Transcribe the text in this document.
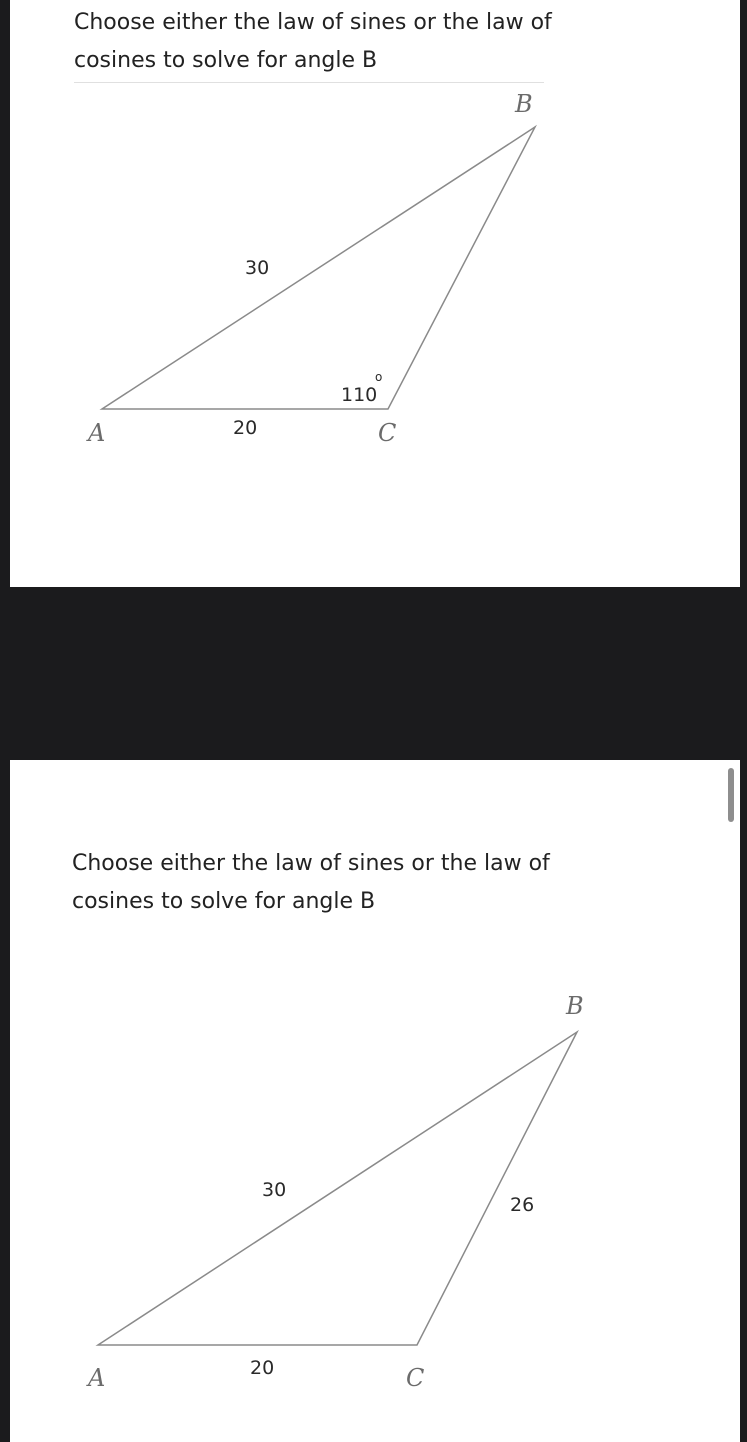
Choose either the law of sines or the law of
cosines to solve for angle B
B
A	C
30
20
110
o
Choose either the law of sines or the law of
cosines to solve for angle B
B
A	C
30
20
26
